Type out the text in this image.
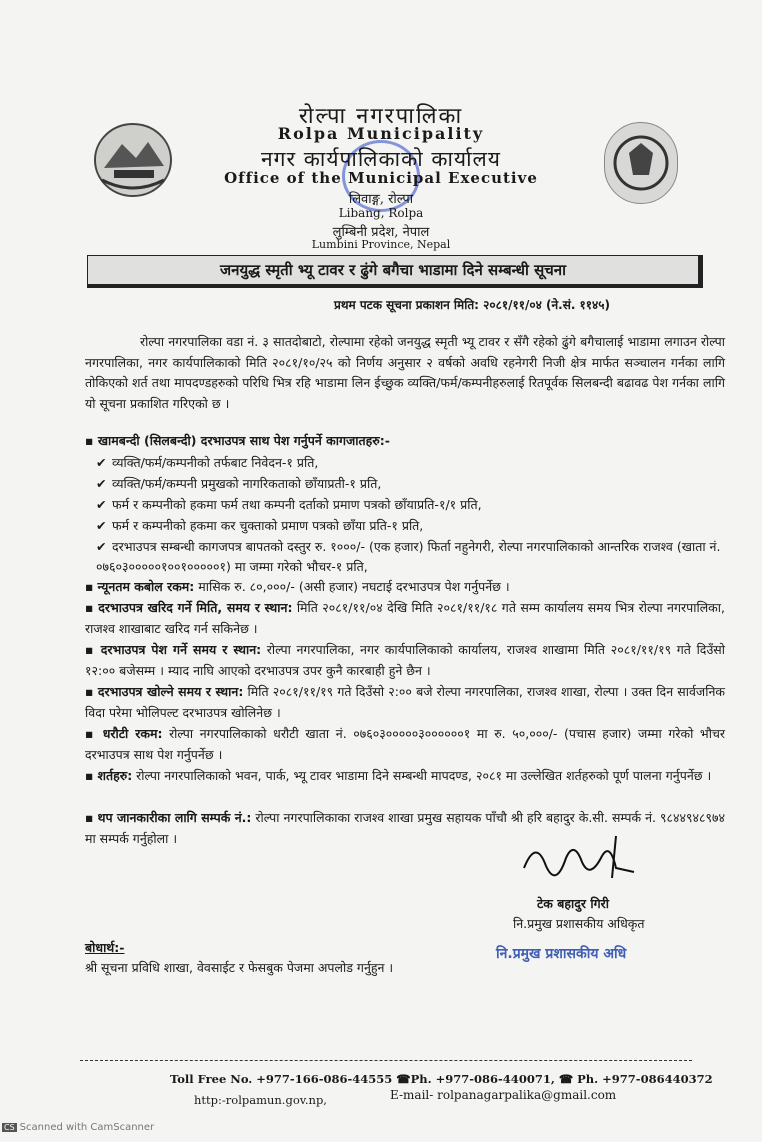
रोल्पा नगरपालिका
Rolpa Municipality
नगर कार्यपालिकाको कार्यालय
Office of the Municipal Executive
लिवाङ्ग, रोल्पा
Libang, Rolpa
लुम्बिनी प्रदेश, नेपाल
Lumbini Province, Nepal
जनयुद्ध स्मृती भ्यू टावर र ढुंगे बगैचा भाडामा दिने सम्बन्धी सूचना
प्रथम पटक सूचना प्रकाशन मिति: २०८१/११/०४ (ने.सं. ११४५)
रोल्पा नगरपालिका वडा नं. ३ सातदोबाटो, रोल्पामा रहेको जनयुद्ध स्मृती भ्यू टावर र सँगै रहेको ढुंगे बगैचालाई भाडामा लगाउन रोल्पा नगरपालिका, नगर कार्यपालिकाको मिति २०८१/१०/२५ को निर्णय अनुसार २ वर्षको अवधि रहनेगरी निजी क्षेत्र मार्फत सञ्चालन गर्नका लागि तोकिएको शर्त तथा मापदण्डहरुको परिधि भित्र रहि भाडामा लिन ईच्छुक व्यक्ति/फर्म/कम्पनीहरुलाई रितपूर्वक सिलबन्दी बढावढ पेश गर्नका लागि यो सूचना प्रकाशित गरिएको छ ।
▪ खामबन्दी (सिलबन्दी) दरभाउपत्र साथ पेश गर्नुपर्ने कागजातहरु:-
✔ व्यक्ति/फर्म/कम्पनीको तर्फबाट निवेदन-१ प्रति,
✔ व्यक्ति/फर्म/कम्पनी प्रमुखको नागरिकताको छाँयाप्रती-१ प्रति,
✔ फर्म र कम्पनीको हकमा फर्म तथा कम्पनी दर्ताको प्रमाण पत्रको छाँयाप्रति-१/१ प्रति,
✔ फर्म र कम्पनीको हकमा कर चुक्ताको प्रमाण पत्रको छाँया प्रति-१ प्रति,
✔ दरभाउपत्र सम्बन्धी कागजपत्र बापतको दस्तुर रु. १०००/- (एक हजार) फिर्ता नहुनेगरी, रोल्पा नगरपालिकाको आन्तरिक राजश्व (खाता नं. ०७६०३०००००१००१०००००१) मा जम्मा गरेको भौचर-१ प्रति,
▪ न्यूनतम कबोल रकम: मासिक रु. ८०,०००/- (असी हजार) नघटाई दरभाउपत्र पेश गर्नुपर्नेछ ।
▪ दरभाउपत्र खरिद गर्ने मिति, समय र स्थान: मिति २०८१/११/०४ देखि मिति २०८१/११/१८ गते सम्म कार्यालय समय भित्र रोल्पा नगरपालिका, राजश्व शाखाबाट खरिद गर्न सकिनेछ ।
▪ दरभाउपत्र पेश गर्ने समय र स्थान: रोल्पा नगरपालिका, नगर कार्यपालिकाको कार्यालय, राजश्व शाखामा मिति २०८१/११/१९ गते दिउँसो १२:०० बजेसम्म । म्याद नाघि आएको दरभाउपत्र उपर कुनै कारबाही हुने छैन ।
▪ दरभाउपत्र खोल्ने समय र स्थान: मिति २०८१/११/१९ गते दिउँसो २:०० बजे रोल्पा नगरपालिका, राजश्व शाखा, रोल्पा । उक्त दिन सार्वजनिक विदा परेमा भोलिपल्ट दरभाउपत्र खोलिनेछ ।
▪ धरौटी रकम: रोल्पा नगरपालिकाको धरौटी खाता नं. ०७६०३०००००३००००००१ मा रु. ५०,०००/- (पचास हजार) जम्मा गरेको भौचर दरभाउपत्र साथ पेश गर्नुपर्नेछ ।
▪ शर्तहरु: रोल्पा नगरपालिकाको भवन, पार्क, भ्यू टावर भाडामा दिने सम्बन्धी मापदण्ड, २०८१ मा उल्लेखित शर्तहरुको पूर्ण पालना गर्नुपर्नेछ ।
▪ थप जानकारीका लागि सम्पर्क नं.: रोल्पा नगरपालिकाका राजश्व शाखा प्रमुख सहायक पाँचौ श्री हरि बहादुर के.सी. सम्पर्क नं. ९८४४९४८९७४ मा सम्पर्क गर्नुहोला ।
टेक बहादुर गिरी
नि.प्रमुख प्रशासकीय अधिकृत
नि.प्रमुख प्रशासकीय अधि
बोधार्थ:-
श्री सूचना प्रविधि शाखा, वेवसाईट र फेसबुक पेजमा अपलोड गर्नुहुन ।
Toll Free No. +977-166-086-44555 ☎Ph. +977-086-440071, ☎ Ph. +977-086440372
http:-rolpamun.gov.np,	E-mail- rolpanagarpalika@gmail.com
CS Scanned with CamScanner
